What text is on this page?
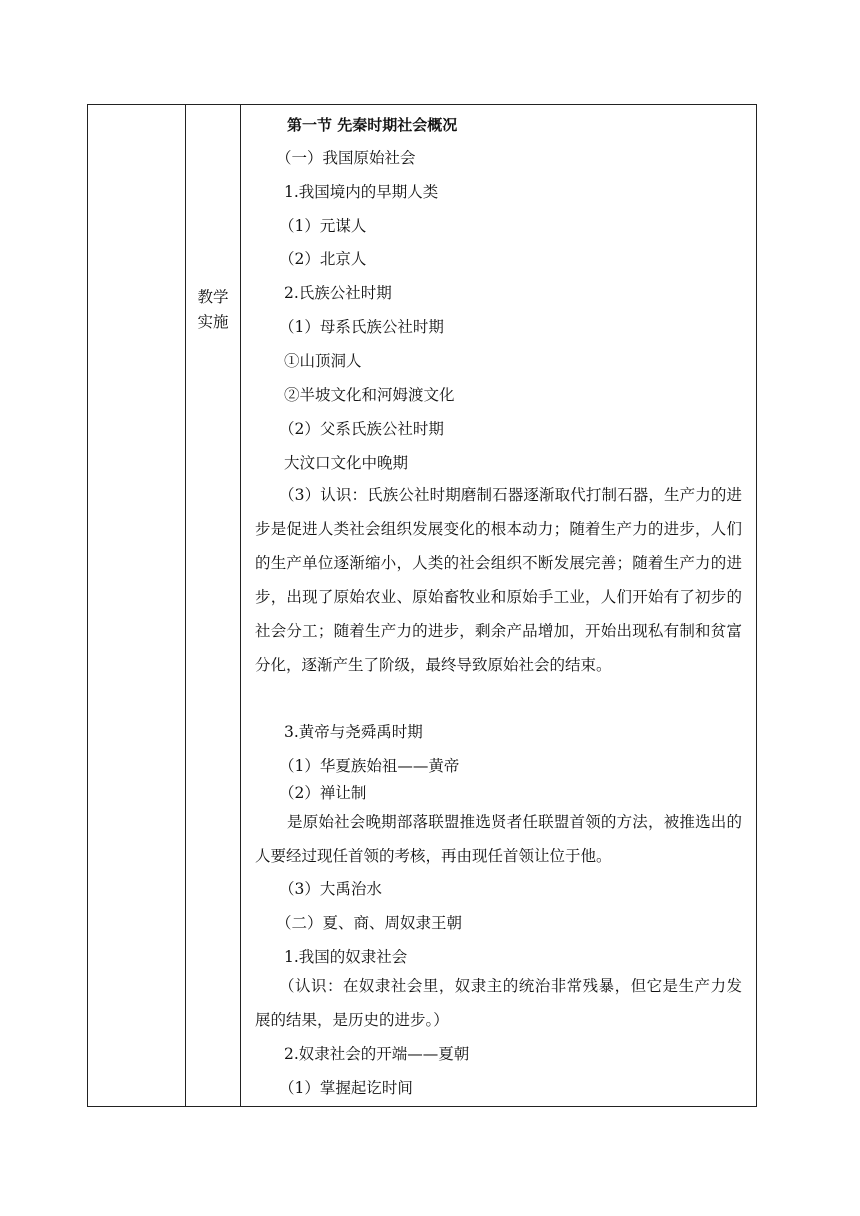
教学
实施
第一节 先秦时期社会概况
（一）我国原始社会
1.我国境内的早期人类
（1）元谋人
（2）北京人
2.氏族公社时期
（1）母系氏族公社时期
①山顶洞人
②半坡文化和河姆渡文化
（2）父系氏族公社时期
大汶口文化中晚期
（3）认识：氏族公社时期磨制石器逐渐取代打制石器，生产力的进步是促进人类社会组织发展变化的根本动力；随着生产力的进步，人们的生产单位逐渐缩小，人类的社会组织不断发展完善；随着生产力的进步，出现了原始农业、原始畜牧业和原始手工业，人们开始有了初步的社会分工；随着生产力的进步，剩余产品增加，开始出现私有制和贫富分化，逐渐产生了阶级，最终导致原始社会的结束。
3.黄帝与尧舜禹时期
（1）华夏族始祖——黄帝
（2）禅让制
是原始社会晚期部落联盟推选贤者任联盟首领的方法，被推选出的人要经过现任首领的考核，再由现任首领让位于他。
（3）大禹治水
（二）夏、商、周奴隶王朝
1.我国的奴隶社会
（认识：在奴隶社会里，奴隶主的统治非常残暴，但它是生产力发展的结果，是历史的进步。）
2.奴隶社会的开端——夏朝
（1）掌握起讫时间
